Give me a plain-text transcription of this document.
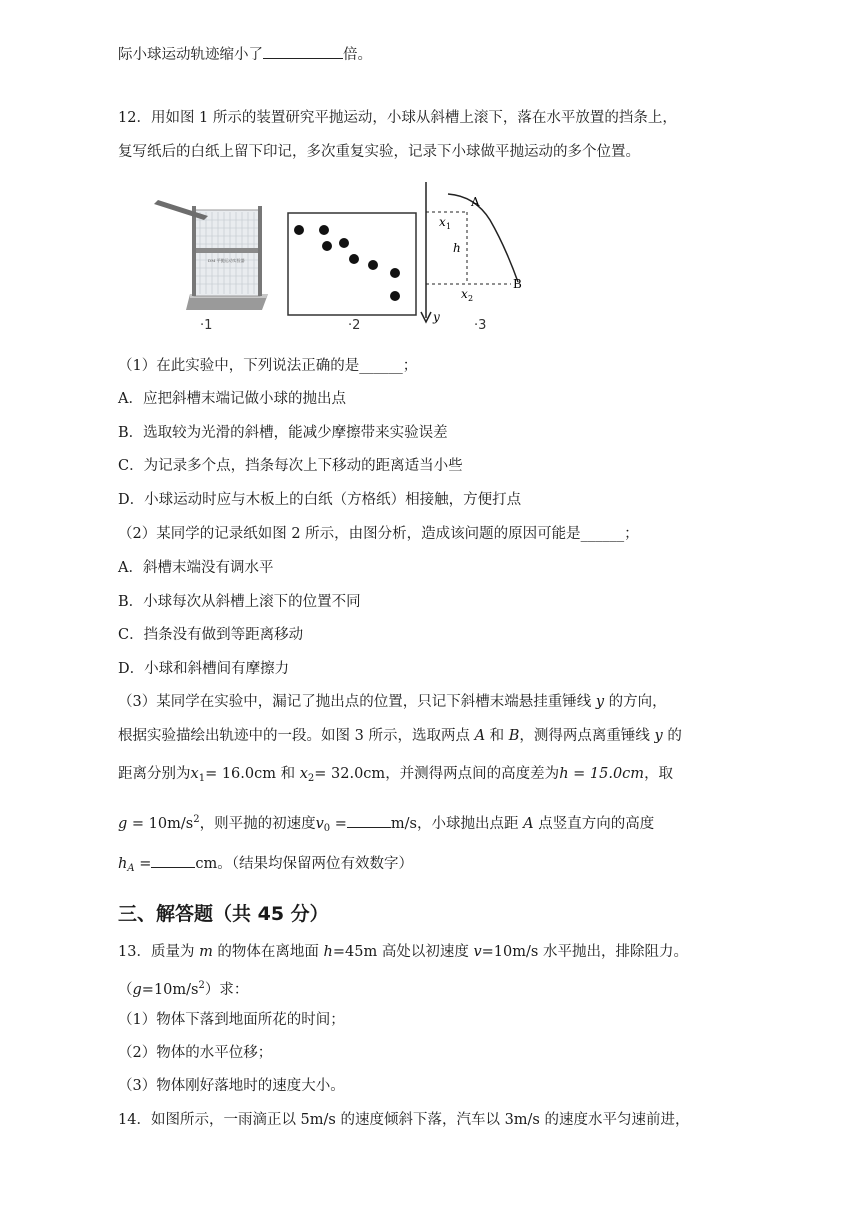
际小球运动轨迹缩小了	倍。
12．用如图 1 所示的装置研究平抛运动，小球从斜槽上滚下，落在水平放置的挡条上，
复写纸后的白纸上留下印记，多次重复实验，记录下小球做平抛运动的多个位置。
DM 平抛运动实验器
·1	·2
A
B
x 1
h
x 2
y
·3
（1）在此实验中，下列说法正确的是______；
A．应把斜槽末端记做小球的抛出点
B．选取较为光滑的斜槽，能减少摩擦带来实验误差
C．为记录多个点，挡条每次上下移动的距离适当小些
D．小球运动时应与木板上的白纸（方格纸）相接触，方便打点
（2）某同学的记录纸如图 2 所示，由图分析，造成该问题的原因可能是______；
A．斜槽末端没有调水平
B．小球每次从斜槽上滚下的位置不同
C．挡条没有做到等距离移动
D．小球和斜槽间有摩擦力
（3）某同学在实验中，漏记了抛出点的位置，只记下斜槽末端悬挂重锤线 y 的方向，
根据实验描绘出轨迹中的一段。如图 3 所示，选取两点 A 和 B，测得两点离重锤线 y 的
距离分别为$x_1= 16.0cm$ 和 $x_2= 32.0cm$，并测得两点间的高度差为h = 15.0cm，取
$g = 10m/s^2$，则平抛的初速度$v_0$ =	m/s，小球抛出点距 A 点竖直方向的高度
$h_A$ =	cm。（结果均保留两位有效数字）
三、解答题（共 45 分）
13．质量为 m 的物体在离地面 h=45m 高处以初速度 v=10m/s 水平抛出，排除阻力。
$(g=10m/s^2)$求：
（1）物体下落到地面所花的时间；
（2）物体的水平位移；
（3）物体刚好落地时的速度大小。
14．如图所示，一雨滴正以 5m/s 的速度倾斜下落，汽车以 3m/s 的速度水平匀速前进，
